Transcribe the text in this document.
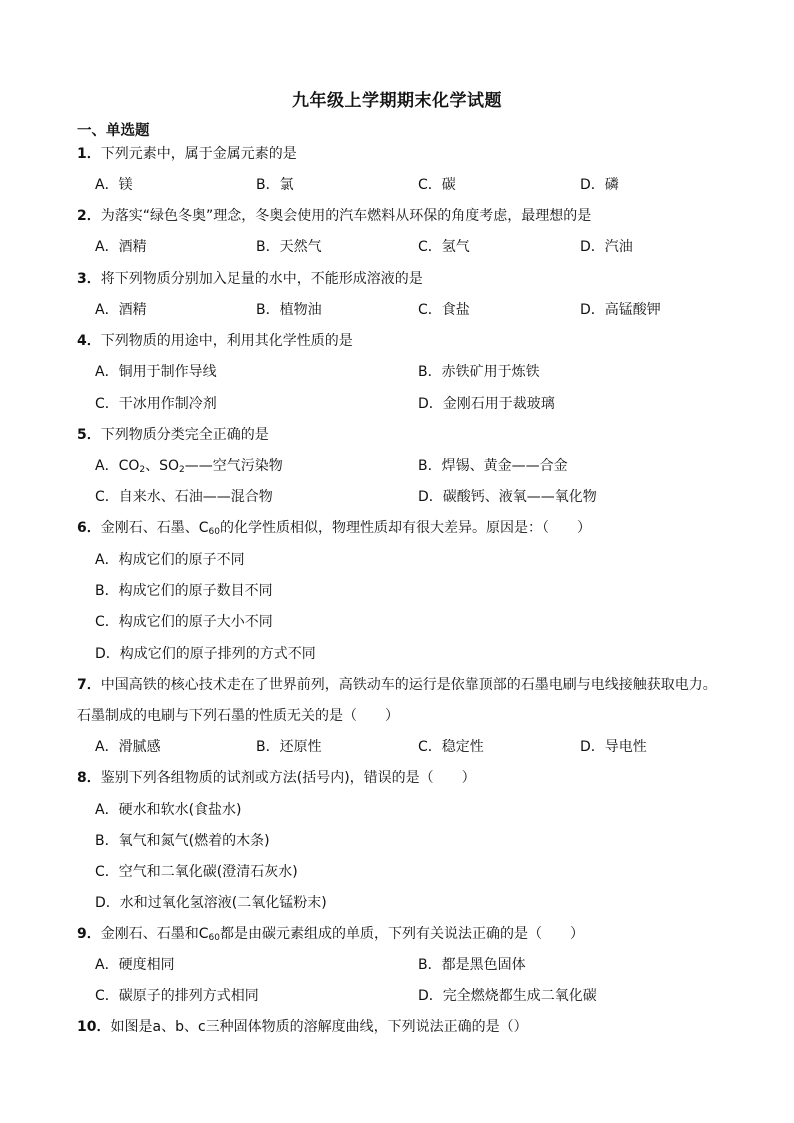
九年级上学期期末化学试题
一、单选题
1．下列元素中，属于金属元素的是
A．镁	B．氯	C．碳	D．磷
2．为落实“绿色冬奥”理念，冬奥会使用的汽车燃料从环保的角度考虑，最理想的是
A．酒精	B．天然气	C．氢气	D．汽油
3．将下列物质分别加入足量的水中，不能形成溶液的是
A．酒精	B．植物油	C．食盐	D．高锰酸钾
4．下列物质的用途中，利用其化学性质的是
A．铜用于制作导线	B．赤铁矿用于炼铁
C．干冰用作制冷剂	D．金刚石用于裁玻璃
5．下列物质分类完全正确的是
A．$CO_2$、$SO_2——$空气污染物	B．焊锡、黄金——合金
C．自来水、石油——混合物	D．碳酸钙、液氧——氧化物
6．金刚石、石墨、$C_{60}$的化学性质相似，物理性质却有很大差异。原因是：（　　）
A．构成它们的原子不同
B．构成它们的原子数目不同
C．构成它们的原子大小不同
D．构成它们的原子排列的方式不同
7．中国高铁的核心技术走在了世界前列，高铁动车的运行是依靠顶部的石墨电刷与电线接触获取电力。
石墨制成的电刷与下列石墨的性质无关的是（　　）
A．滑腻感	B．还原性	C．稳定性	D．导电性
8．鉴别下列各组物质的试剂或方法(括号内)，错误的是（　　）
A．硬水和软水(食盐水)
B．氧气和氮气(燃着的木条)
C．空气和二氧化碳(澄清石灰水)
D．水和过氧化氢溶液(二氧化锰粉末)
9．金刚石、石墨和$C_{60}$都是由碳元素组成的单质，下列有关说法正确的是（　　）
A．硬度相同	B．都是黑色固体
C．碳原子的排列方式相同	D．完全燃烧都生成二氧化碳
10．如图是a、b、c三种固体物质的溶解度曲线，下列说法正确的是（）
